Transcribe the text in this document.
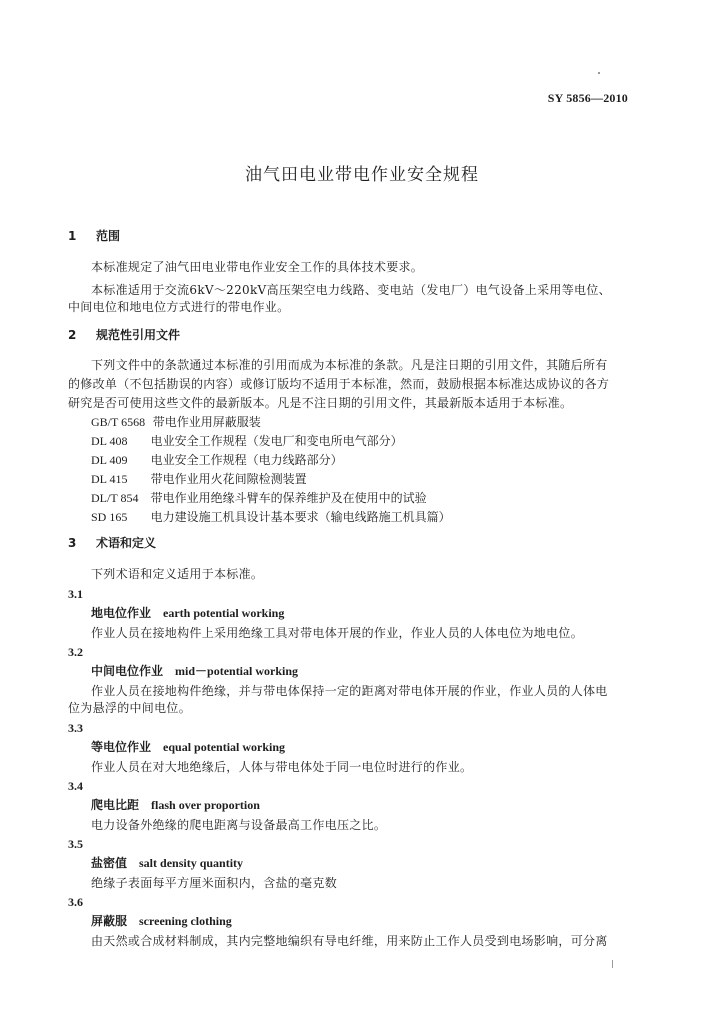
SY 5856—2010
油气田电业带电作业安全规程
1 范围
本标准规定了油气田电业带电作业安全工作的具体技术要求。
本标准适用于交流6kV～220kV高压架空电力线路、变电站（发电厂）电气设备上采用等电位、
中间电位和地电位方式进行的带电作业。
2 规范性引用文件
下列文件中的条款通过本标准的引用而成为本标准的条款。凡是注日期的引用文件，其随后所有
的修改单（不包括勘误的内容）或修订版均不适用于本标准，然而，鼓励根据本标准达成协议的各方
研究是否可使用这些文件的最新版本。凡是不注日期的引用文件，其最新版本适用于本标准。
GB/T 6568 带电作业用屏蔽服装
DL 408 电业安全工作规程（发电厂和变电所电气部分）
DL 409 电业安全工作规程（电力线路部分）
DL 415 带电作业用火花间隙检测装置
DL/T 854 带电作业用绝缘斗臂车的保养维护及在使用中的试验
SD 165 电力建设施工机具设计基本要求（输电线路施工机具篇）
3 术语和定义
下列术语和定义适用于本标准。
3.1
地电位作业 earth potential working
作业人员在接地构件上采用绝缘工具对带电体开展的作业，作业人员的人体电位为地电位。
3.2
中间电位作业 mid－potential working
作业人员在接地构件绝缘，并与带电体保持一定的距离对带电体开展的作业，作业人员的人体电
位为悬浮的中间电位。
3.3
等电位作业 equal potential working
作业人员在对大地绝缘后，人体与带电体处于同一电位时进行的作业。
3.4
爬电比距 flash over proportion
电力设备外绝缘的爬电距离与设备最高工作电压之比。
3.5
盐密值 salt density quantity
绝缘子表面每平方厘米面积内，含盐的毫克数
3.6
屏蔽服 screening clothing
由天然或合成材料制成，其内完整地编织有导电纤维，用来防止工作人员受到电场影响，可分离
